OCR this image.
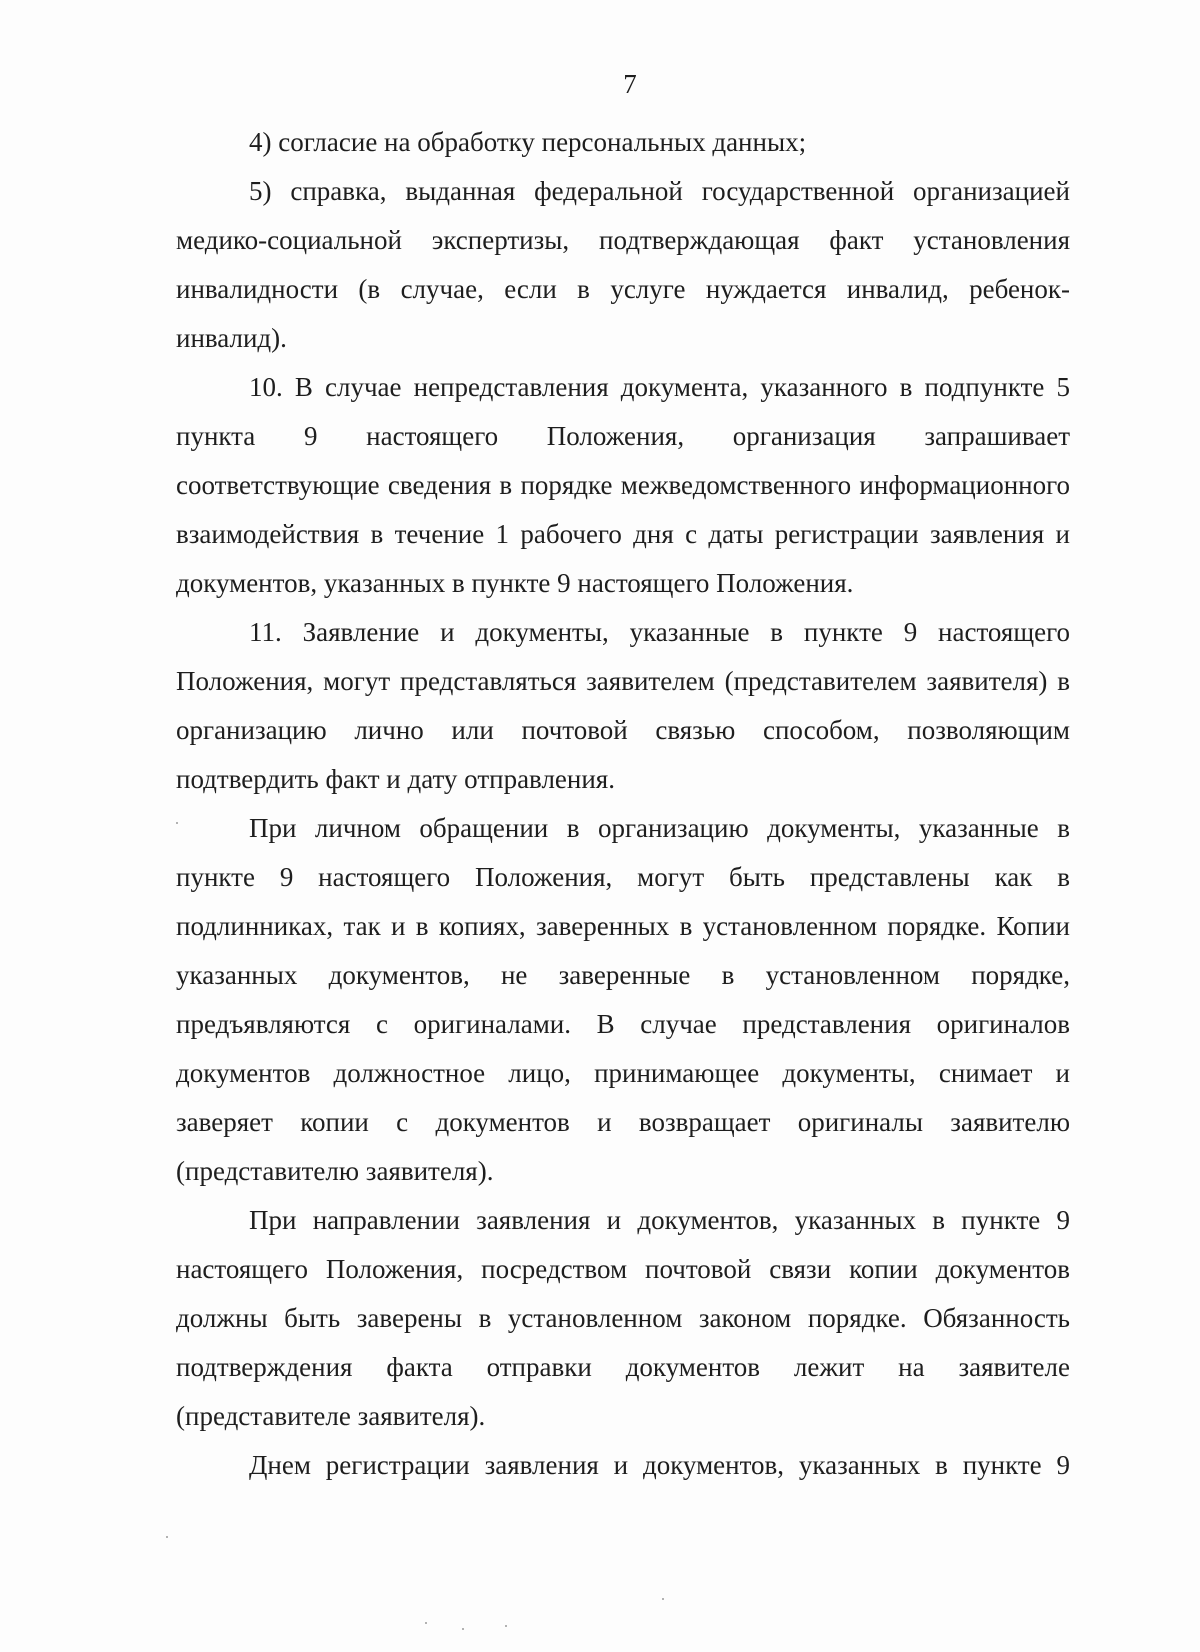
7

4) согласие на обработку персональных данных;

5) справка, выданная федеральной государственной организацией медико-социальной экспертизы, подтверждающая факт установления инвалидности (в случае, если в услуге нуждается инвалид, ребенок-инвалид).

10. В случае непредставления документа, указанного в подпункте 5 пункта 9 настоящего Положения, организация запрашивает соответствующие сведения в порядке межведомственного информационного взаимодействия в течение 1 рабочего дня с даты регистрации заявления и документов, указанных в пункте 9 настоящего Положения.

11. Заявление и документы, указанные в пункте 9 настоящего Положения, могут представляться заявителем (представителем заявителя) в организацию лично или почтовой связью способом, позволяющим подтвердить факт и дату отправления.

При личном обращении в организацию документы, указанные в пункте 9 настоящего Положения, могут быть представлены как в подлинниках, так и в копиях, заверенных в установленном порядке. Копии указанных документов, не заверенные в установленном порядке, предъявляются с оригиналами. В случае представления оригиналов документов должностное лицо, принимающее документы, снимает и заверяет копии с документов и возвращает оригиналы заявителю (представителю заявителя).

При направлении заявления и документов, указанных в пункте 9 настоящего Положения, посредством почтовой связи копии документов должны быть заверены в установленном законом порядке. Обязанность подтверждения факта отправки документов лежит на заявителе (представителе заявителя).

Днем регистрации заявления и документов, указанных в пункте 9
